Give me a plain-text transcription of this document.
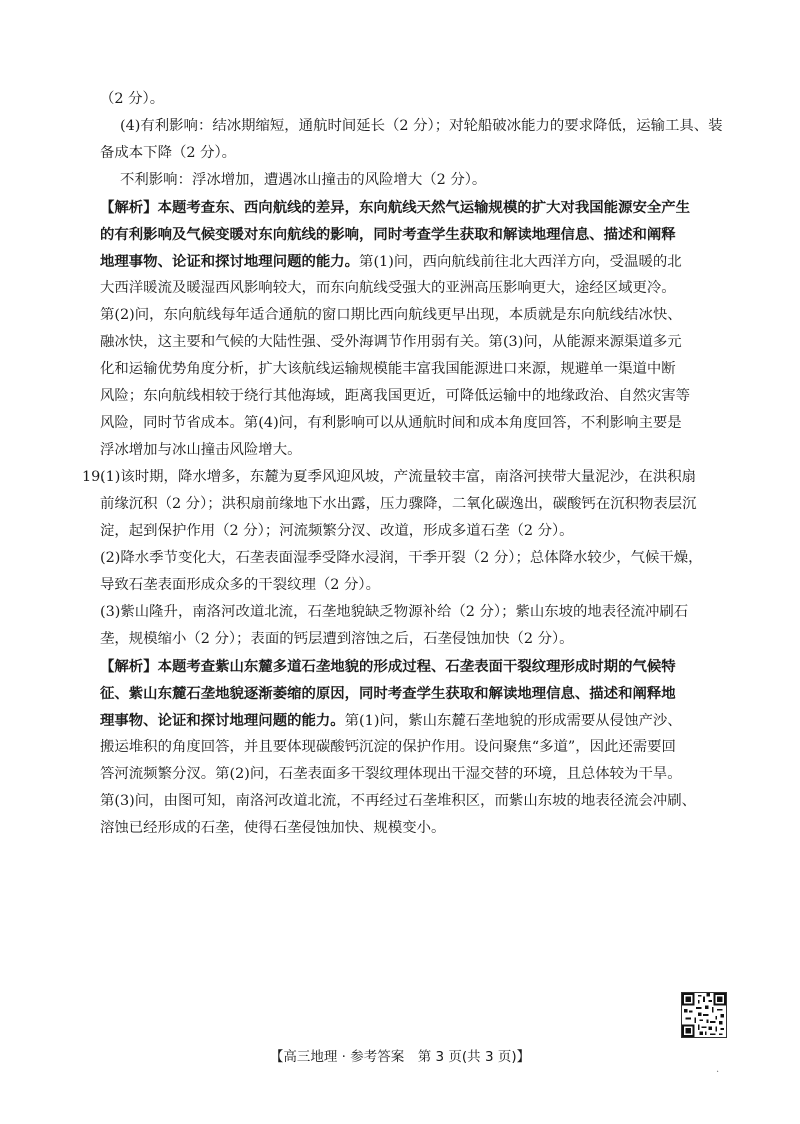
（2 分）。
(4)有利影响：结冰期缩短，通航时间延长（2 分）；对轮船破冰能力的要求降低，运输工具、装
备成本下降（2 分）。
不利影响：浮冰增加，遭遇冰山撞击的风险增大（2 分）。
【解析】本题考查东、西向航线的差异，东向航线天然气运输规模的扩大对我国能源安全产生
的有利影响及气候变暖对东向航线的影响，同时考查学生获取和解读地理信息、描述和阐释
地理事物、论证和探讨地理问题的能力。第(1)问，西向航线前往北大西洋方向，受温暖的北
大西洋暖流及暖湿西风影响较大，而东向航线受强大的亚洲高压影响更大，途经区域更冷。
第(2)问，东向航线每年适合通航的窗口期比西向航线更早出现，本质就是东向航线结冰快、
融冰快，这主要和气候的大陆性强、受外海调节作用弱有关。第(3)问，从能源来源渠道多元
化和运输优势角度分析，扩大该航线运输规模能丰富我国能源进口来源，规避单一渠道中断
风险；东向航线相较于绕行其他海域，距离我国更近，可降低运输中的地缘政治、自然灾害等
风险，同时节省成本。第(4)问，有利影响可以从通航时间和成本角度回答，不利影响主要是
浮冰增加与冰山撞击风险增大。
19.
(1)该时期，降水增多，东麓为夏季风迎风坡，产流量较丰富，南洛河挟带大量泥沙，在洪积扇
前缘沉积（2 分）；洪积扇前缘地下水出露，压力骤降，二氧化碳逸出，碳酸钙在沉积物表层沉
淀，起到保护作用（2 分）；河流频繁分汊、改道，形成多道石垄（2 分）。
(2)降水季节变化大，石垄表面湿季受降水浸润，干季开裂（2 分）；总体降水较少，气候干燥，
导致石垄表面形成众多的干裂纹理（2 分）。
(3)紫山隆升，南洛河改道北流，石垄地貌缺乏物源补给（2 分）；紫山东坡的地表径流冲刷石
垄，规模缩小（2 分）；表面的钙层遭到溶蚀之后，石垄侵蚀加快（2 分）。
【解析】本题考查紫山东麓多道石垄地貌的形成过程、石垄表面干裂纹理形成时期的气候特
征、紫山东麓石垄地貌逐渐萎缩的原因，同时考查学生获取和解读地理信息、描述和阐释地
理事物、论证和探讨地理问题的能力。第(1)问，紫山东麓石垄地貌的形成需要从侵蚀产沙、
搬运堆积的角度回答，并且要体现碳酸钙沉淀的保护作用。设问聚焦“多道”，因此还需要回
答河流频繁分汊。第(2)问，石垄表面多干裂纹理体现出干湿交替的环境，且总体较为干旱。
第(3)问，由图可知，南洛河改道北流，不再经过石垄堆积区，而紫山东坡的地表径流会冲刷、
溶蚀已经形成的石垄，使得石垄侵蚀加快、规模变小。
【高三地理 · 参考答案　第 3 页(共 3 页)】
.
